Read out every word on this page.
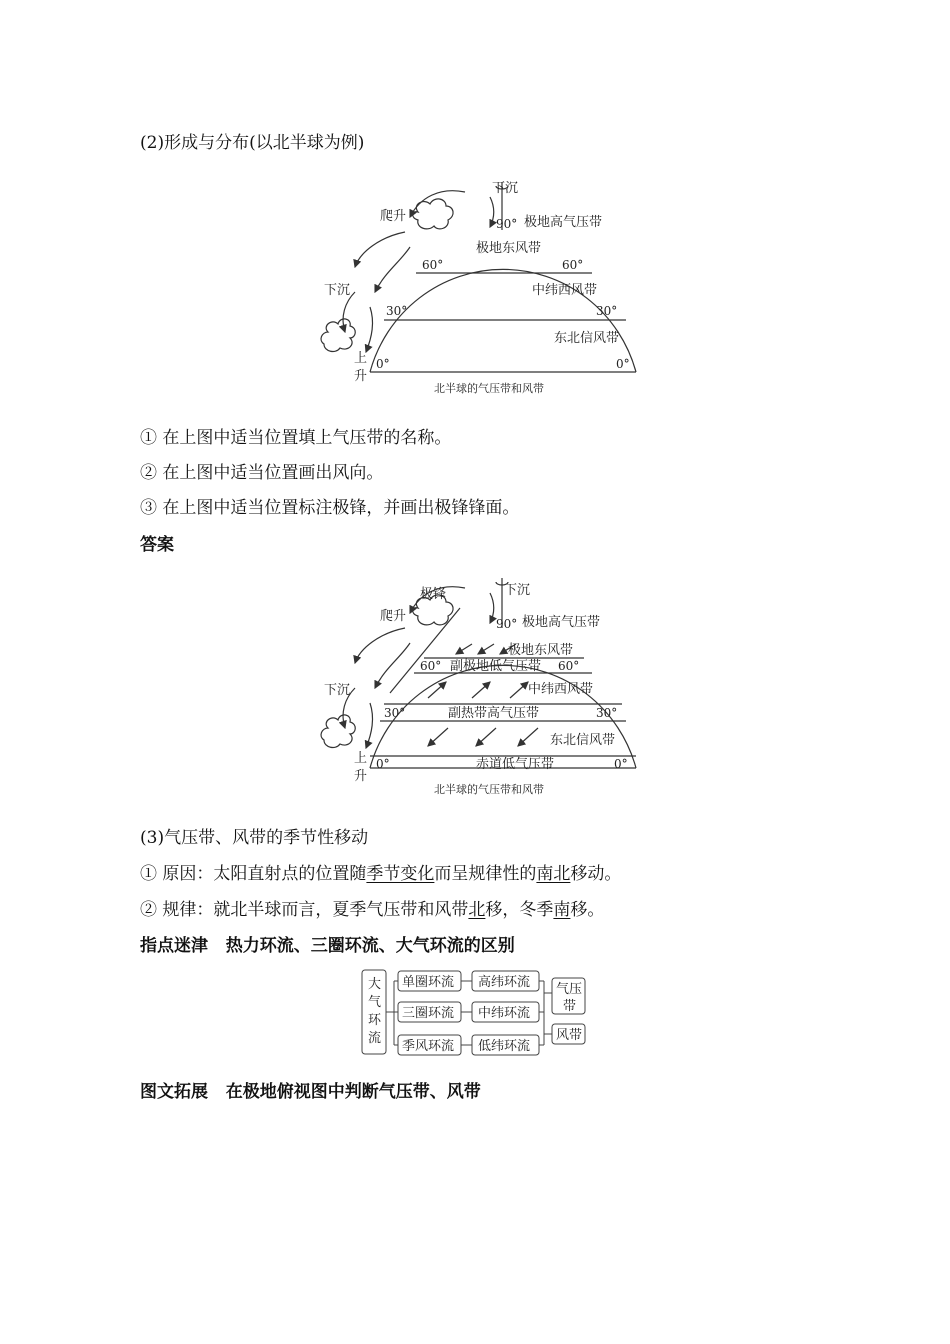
(2)形成与分布(以北半球为例)
下沉
爬升
下沉
上
升
90° 极地高气压带
极地东风带
60°	60°
中纬西风带
30°	30°
东北信风带
0°	0°
北半球的气压带和风带
① 在上图中适当位置填上气压带的名称。
② 在上图中适当位置画出风向。
③ 在上图中适当位置标注极锋，并画出极锋锋面。
答案
极锋	下沉
爬升
下沉
上
升
90° 极地高气压带
极地东风带
60° 副极地低气压带 60°
中纬西风带
30°	副热带高气压带	30°
东北信风带
0°	赤道低气压带	0°
北半球的气压带和风带
(3)气压带、风带的季节性移动
① 原因：太阳直射点的位置随季节变化而呈规律性的南北移动。
② 规律：就北半球而言，夏季气压带和风带北移，冬季南移。
指点迷津 热力环流、三圈环流、大气环流的区别
大
气
环
流
单圈环流
三圈环流
季风环流
高纬环流
中纬环流
低纬环流
气压
带
风带
图文拓展 在极地俯视图中判断气压带、风带
